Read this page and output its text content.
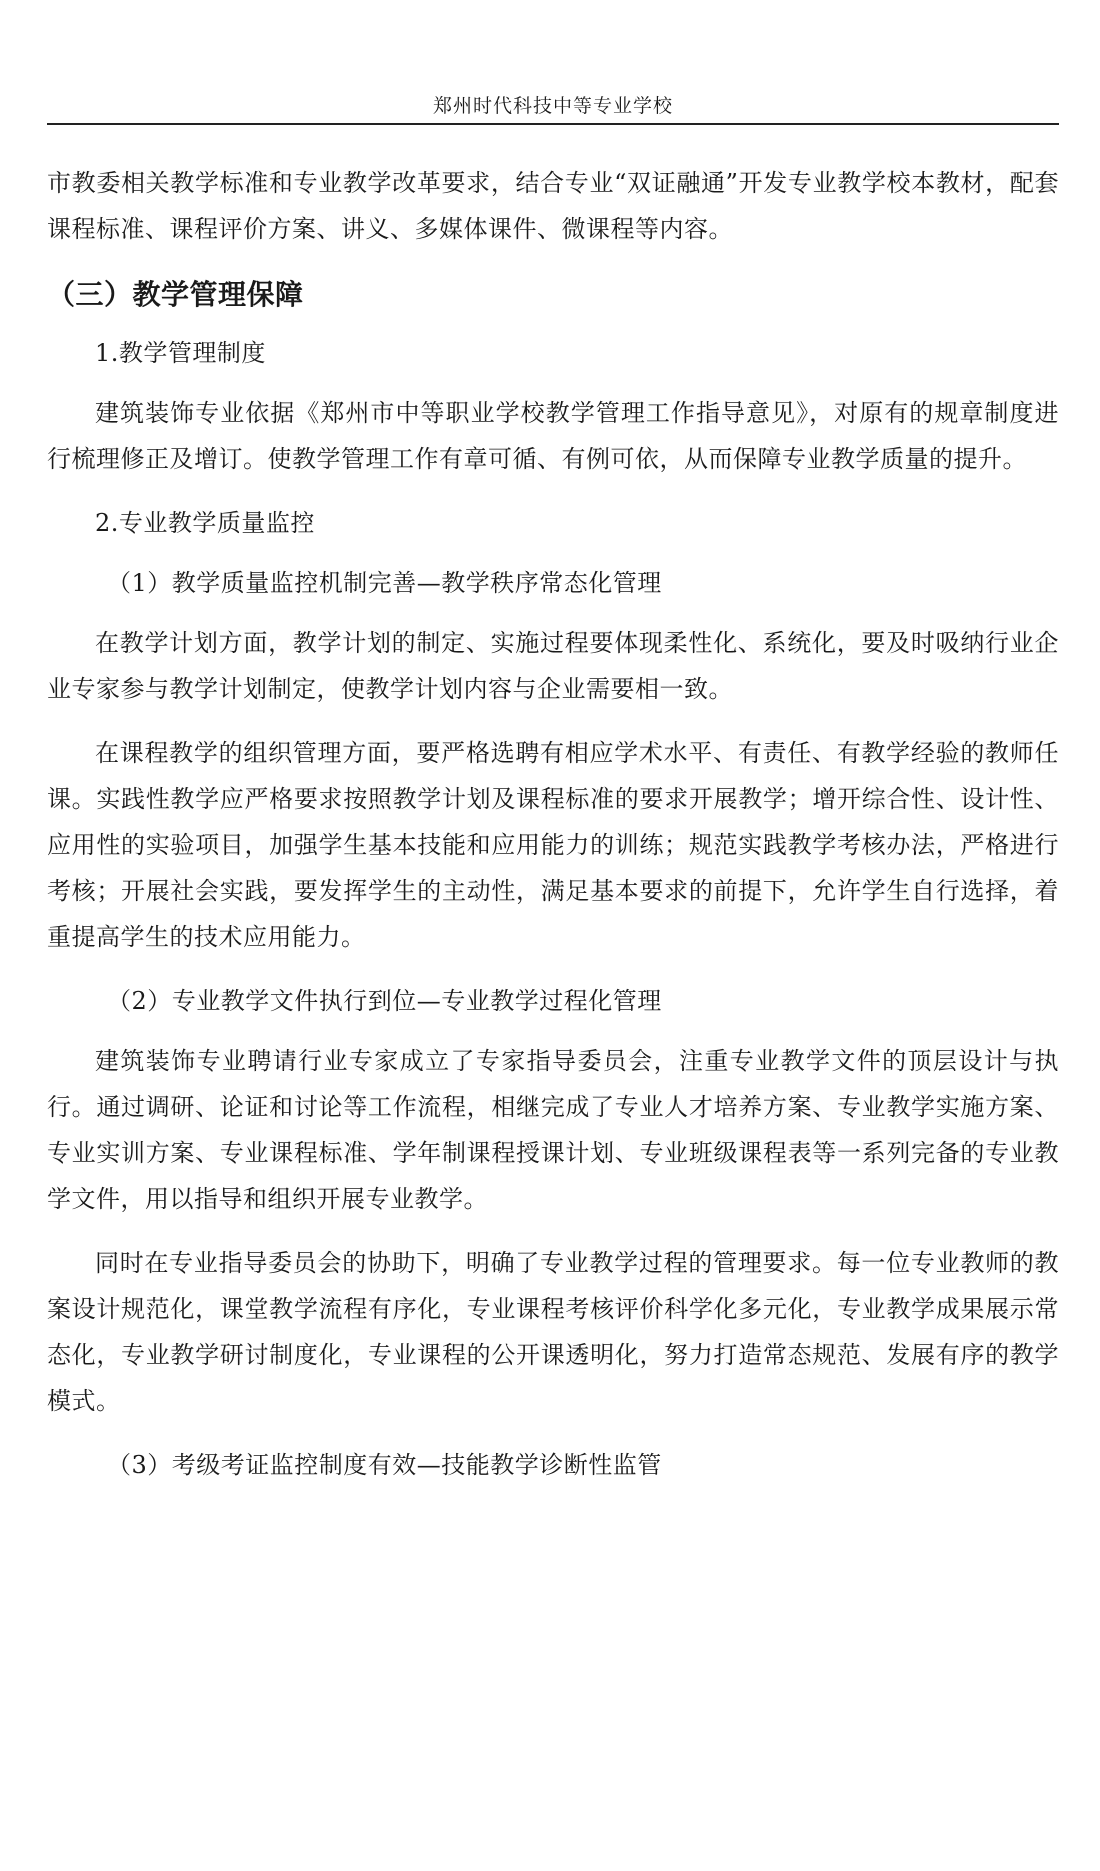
郑州时代科技中等专业学校

市教委相关教学标准和专业教学改革要求，结合专业“双证融通”开发专业教学校本教材，配套课程标准、课程评价方案、讲义、多媒体课件、微课程等内容。

（三）教学管理保障
1.教学管理制度

建筑装饰专业依据《郑州市中等职业学校教学管理工作指导意见》，对原有的规章制度进行梳理修正及增订。使教学管理工作有章可循、有例可依，从而保障专业教学质量的提升。

2.专业教学质量监控
（1）教学质量监控机制完善—教学秩序常态化管理

在教学计划方面，教学计划的制定、实施过程要体现柔性化、系统化，要及时吸纳行业企业专家参与教学计划制定，使教学计划内容与企业需要相一致。

在课程教学的组织管理方面，要严格选聘有相应学术水平、有责任、有教学经验的教师任课。实践性教学应严格要求按照教学计划及课程标准的要求开展教学；增开综合性、设计性、应用性的实验项目，加强学生基本技能和应用能力的训练；规范实践教学考核办法，严格进行考核；开展社会实践，要发挥学生的主动性，满足基本要求的前提下，允许学生自行选择，着重提高学生的技术应用能力。

（2）专业教学文件执行到位—专业教学过程化管理

建筑装饰专业聘请行业专家成立了专家指导委员会，注重专业教学文件的顶层设计与执行。通过调研、论证和讨论等工作流程，相继完成了专业人才培养方案、专业教学实施方案、专业实训方案、专业课程标准、学年制课程授课计划、专业班级课程表等一系列完备的专业教学文件，用以指导和组织开展专业教学。

同时在专业指导委员会的协助下，明确了专业教学过程的管理要求。每一位专业教师的教案设计规范化，课堂教学流程有序化，专业课程考核评价科学化多元化，专业教学成果展示常态化，专业教学研讨制度化，专业课程的公开课透明化，努力打造常态规范、发展有序的教学模式。

（3）考级考证监控制度有效—技能教学诊断性监管
